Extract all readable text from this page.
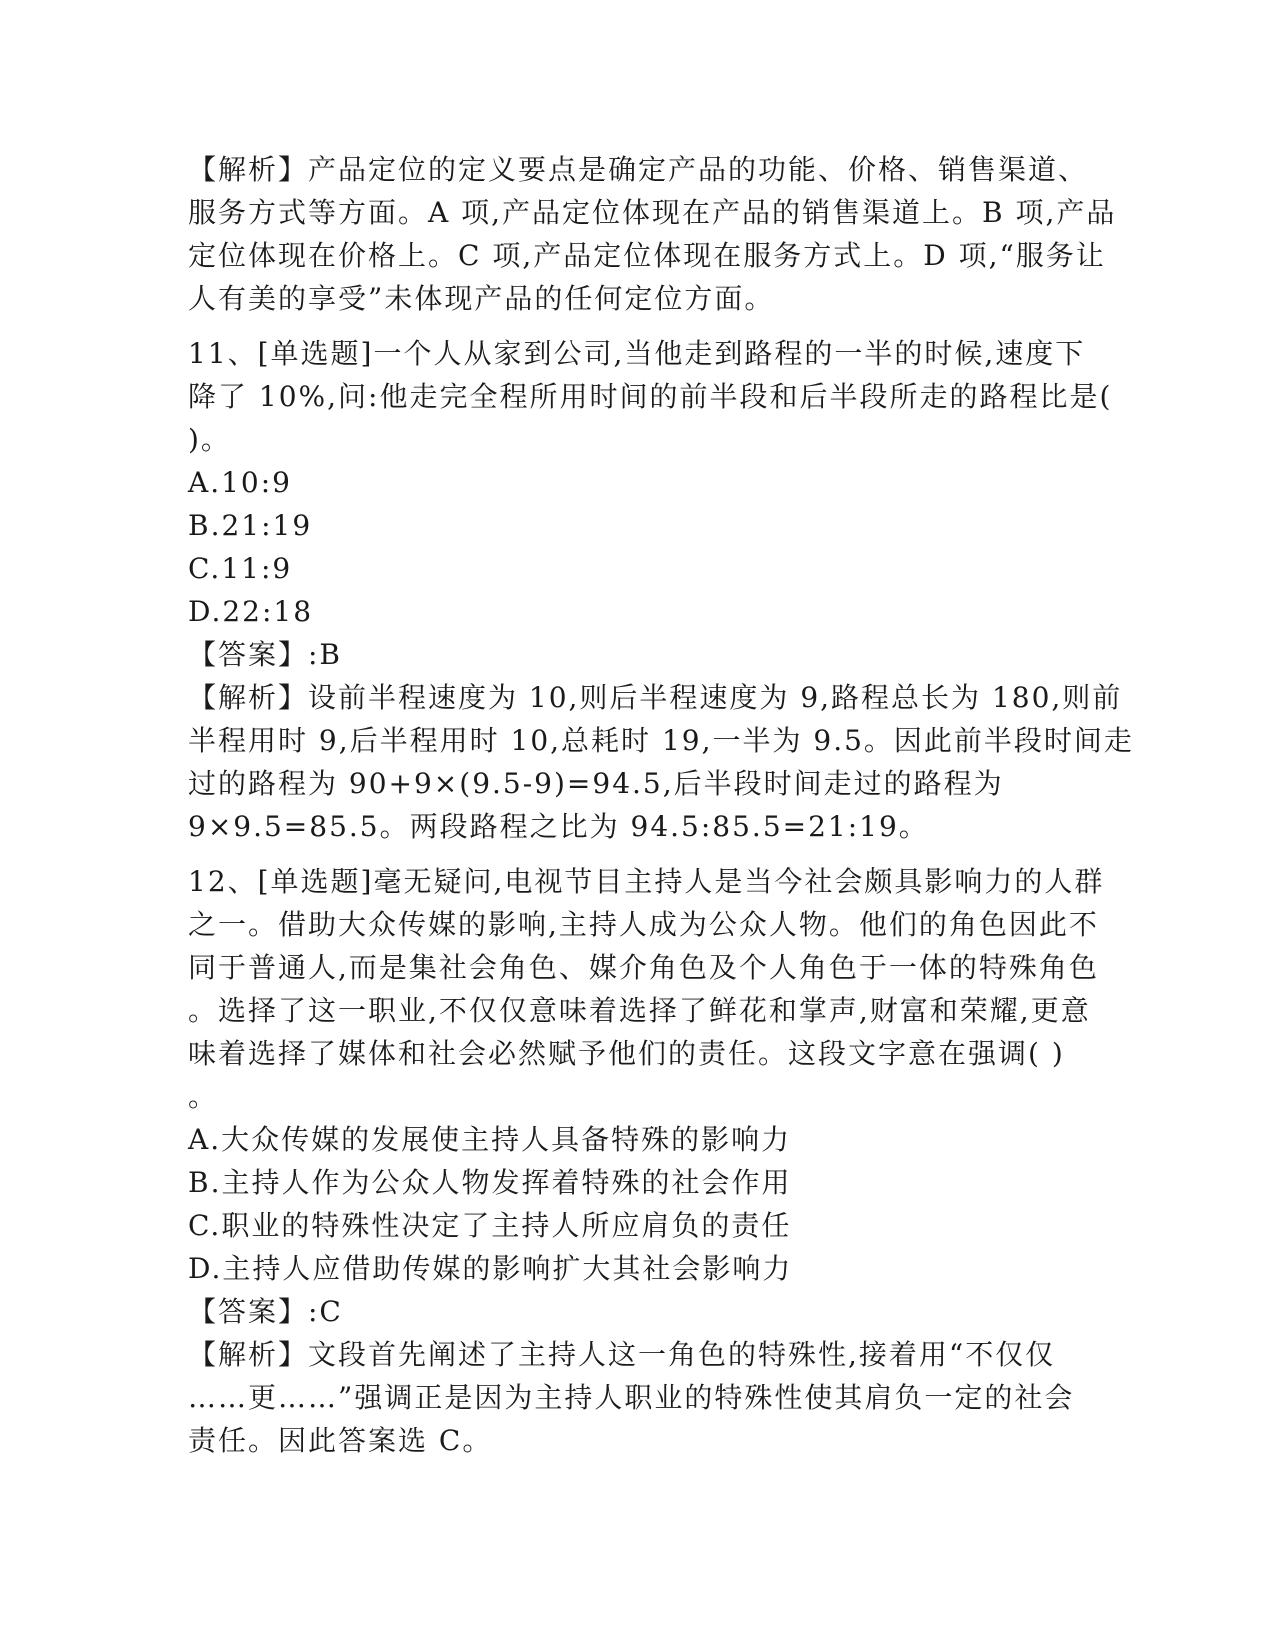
【解析】产品定位的定义要点是确定产品的功能、价格、销售渠道、
服务方式等方面。A 项,产品定位体现在产品的销售渠道上。B 项,产品
定位体现在价格上。C 项,产品定位体现在服务方式上。D 项,“服务让
人有美的享受”未体现产品的任何定位方面。
11、[单选题]一个人从家到公司,当他走到路程的一半的时候,速度下
降了 10%,问:他走完全程所用时间的前半段和后半段所走的路程比是(
)。
A.10:9
B.21:19
C.11:9
D.22:18
【答案】:B
【解析】设前半程速度为 10,则后半程速度为 9,路程总长为 180,则前
半程用时 9,后半程用时 10,总耗时 19,一半为 9.5。因此前半段时间走
过的路程为 90+9×(9.5-9)=94.5,后半段时间走过的路程为
9×9.5=85.5。两段路程之比为 94.5:85.5=21:19。
12、[单选题]毫无疑问,电视节目主持人是当今社会颇具影响力的人群
之一。借助大众传媒的影响,主持人成为公众人物。他们的角色因此不
同于普通人,而是集社会角色、媒介角色及个人角色于一体的特殊角色
。选择了这一职业,不仅仅意味着选择了鲜花和掌声,财富和荣耀,更意
味着选择了媒体和社会必然赋予他们的责任。这段文字意在强调( )
。
A.大众传媒的发展使主持人具备特殊的影响力
B.主持人作为公众人物发挥着特殊的社会作用
C.职业的特殊性决定了主持人所应肩负的责任
D.主持人应借助传媒的影响扩大其社会影响力
【答案】:C
【解析】文段首先阐述了主持人这一角色的特殊性,接着用“不仅仅
……更……”强调正是因为主持人职业的特殊性使其肩负一定的社会
责任。因此答案选 C。
